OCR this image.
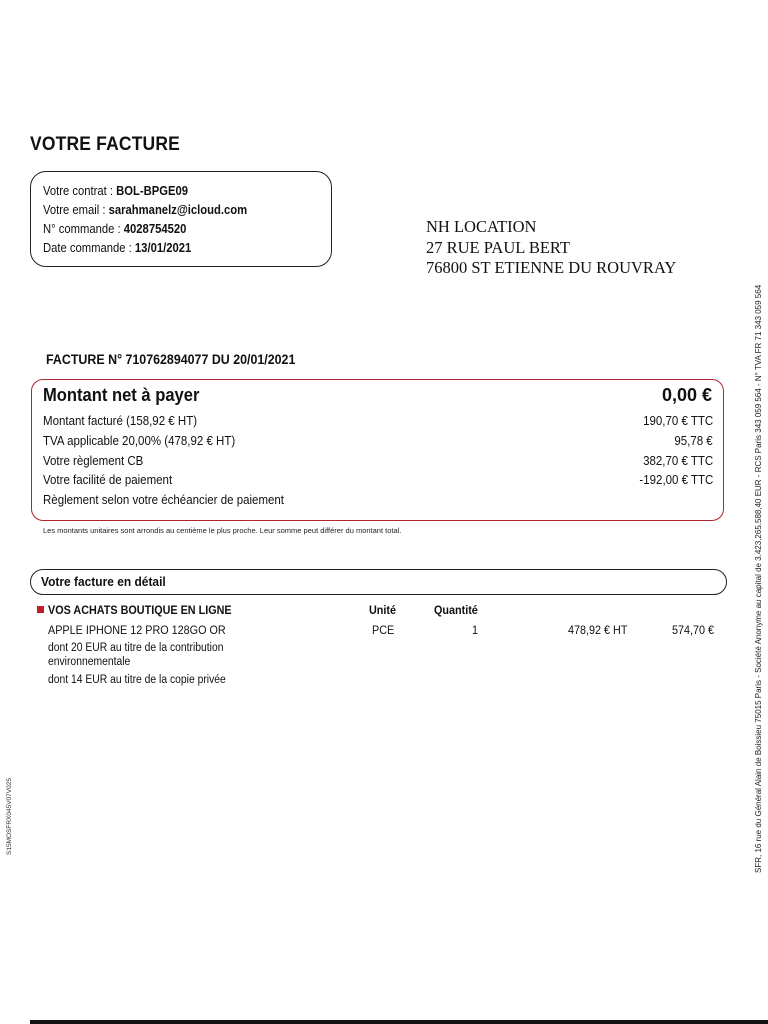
VOTRE FACTURE
Votre contrat : BOL-BPGE09
Votre email : sarahmanelz@icloud.com
N° commande : 4028754520
Date commande : 13/01/2021
NH LOCATION
27 RUE PAUL BERT
76800 ST ETIENNE DU ROUVRAY
FACTURE N° 710762894077 DU 20/01/2021
Montant net à payer	0,00 €
Montant facturé (158,92 € HT)	190,70 € TTC
TVA applicable 20,00% (478,92 € HT)	95,78 €
Votre règlement CB	382,70 € TTC
Votre facilité de paiement	-192,00 € TTC
Règlement selon votre échéancier de paiement
Les montants unitaires sont arrondis au centième le plus proche. Leur somme peut différer du montant total.
Votre facture en détail
VOS ACHATS BOUTIQUE EN LIGNE	Unité	Quantité
APPLE IPHONE 12 PRO 128GO OR	PCE	1	478,92 € HT	574,70 €
dont 20 EUR au titre de la contribution
environnementale
dont 14 EUR au titre de la copie privée	SFR, 16 rue du Général Alain de Boissieu 75015 Paris - Société Anonyme au capital de 3.423.265.588,40 EUR - RCS Paris 343 059 564 - N° TVA FR 71 343 059 564
S15MOSFRX045V07V025
